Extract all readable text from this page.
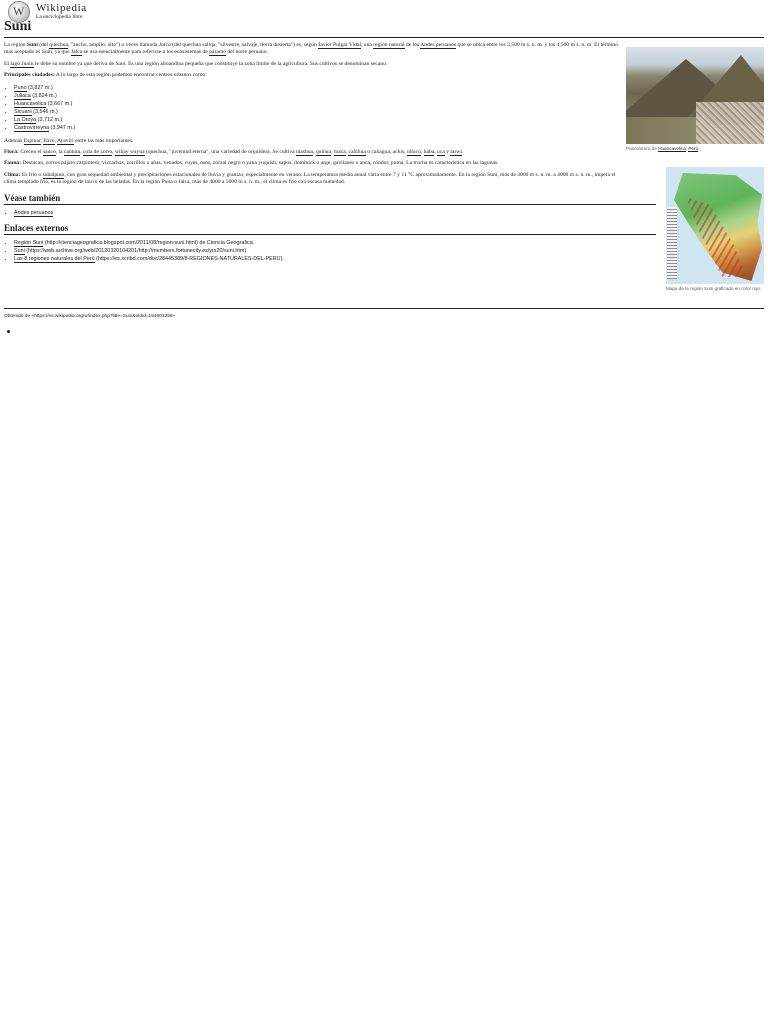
W
Wikipedia
La enciclopedia libre
Suni

La región Suni (del quechua, "ancho, amplio, alto") o veces llamada Jalca (del quechua sallqa, "silvestre, salvaje, tierra desierta") es, según Javier Pulgar Vidal, una región natural de los Andes peruanos que se ubica entre los 3,500 m s. n. m. y los 4,500 m s. n. m. El término más aceptado es Suni, ya que Jalca se usa esencialmente para referirse a los ecosistemas de páramo del norte peruano.

El lago Junín le debe su nombre ya que deriva de Suni. Es una región altoandina pequeña que constituye la zona límite de la agricultura. Sus cultivos se denominan secano.

Principales ciudades: A lo largo de esta región podemos encontrar centros urbanos como:

• Puno (3,827 m.)
• Juliaca (3,824 m.)
• Huancavelica (3,667 m.)
• Sicuani (3,546 m.)
• La Oroya (3,712 m.)
• Castrovirreyna (3,947 m.)

Además Espinar, Ilave, Ayaviri entre las más importantes.

Flora: Crecen el sauco, la cantuta, cola de zorro, wiñay wayna (quechua, "juventud eterna", una variedad de orquídea). Se cultiva mashua, quinua, maca, cañihua o cañagua, achis, olluco, haba, oca y tarwi.

Fauna: Destacan, zorros pájaro carpintero, vizcachas, zorrillos o añas, venados, cuyes, osos, zorzal negro o yana yuquish, sapos, dominick o arge, gavilanes o anca, cóndor, puma. La trucha es característica en las lagunas.

Clima: Es frío o subalpino, con gran sequedad ambiental y precipitaciones estacionales de lluvia y granizo, especialmente en verano. La temperatura media anual varía entre 7 y 11 °C aproximadamente. En la región Suni, más de 3000 m s. n. m. a 4000 m s. n. m., impera el clima templado frío, es la región de inicio de las heladas. En la región Puna o Jalca, más de 4000 a 5000 m s. n. m., el clima es frío con escasa humedad.

Véase también
• Andes peruanos
Enlaces externos
• Región Suni (http://cienciageografica.blogspot.com/2011/08/region-suni.html) de Ciencia Geografica.
• Suni (https://web.archive.org/web/20120320104201/http://members.fortunecity.es/yrs20/suni.htm)
• Las 8 regiones naturales del Perú (https://es.scribd.com/doc/28445389/8-REGIONES-NATURALES-DEL-PERU).
Panorámica de Huancavelica, Perú.
Mapa de la región Suni graficado en color rojo.
Obtenido de «https://es.wikipedia.org/w/index.php?title=Suni&oldid=154801359»
